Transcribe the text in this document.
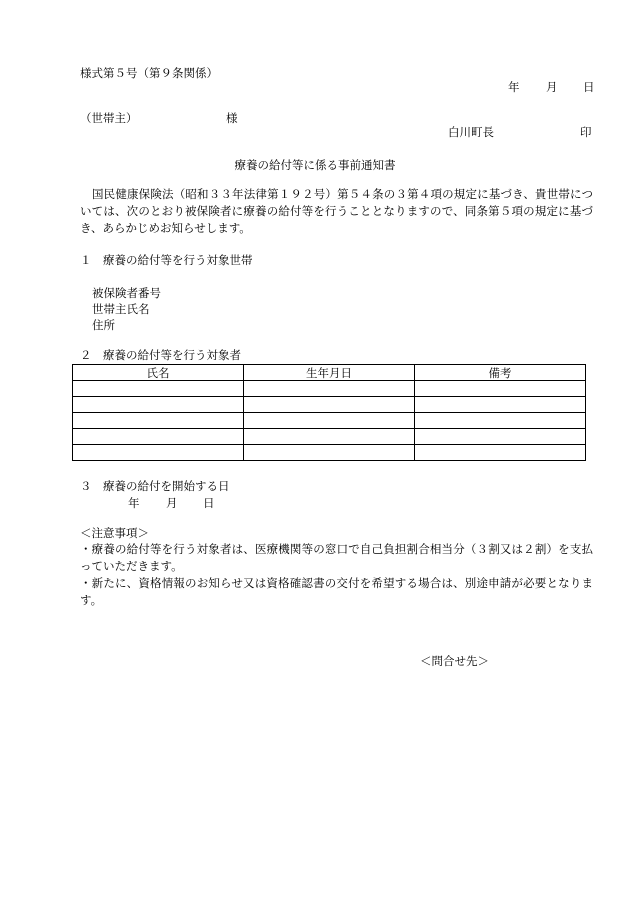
様式第５号（第９条関係）
年 月 日
（世帯主）	様
白川町長	印
療養の給付等に係る事前通知書
国民健康保険法（昭和３３年法律第１９２号）第５４条の３第４項の規定に基づき、貴世帯については、次のとおり被保険者に療養の給付等を行うこととなりますので、同条第５項の規定に基づき、あらかじめお知らせします。
１　療養の給付等を行う対象世帯
被保険者番号
世帯主氏名
住所
２　療養の給付等を行う対象者
氏名	生年月日	備考

３　療養の給付を開始する日
年 月 日
＜注意事項＞
・療養の給付等を行う対象者は、医療機関等の窓口で自己負担割合相当分（３割又は２割）を支払っていただきます。
・新たに、資格情報のお知らせ又は資格確認書の交付を希望する場合は、別途申請が必要となります。
＜問合せ先＞
